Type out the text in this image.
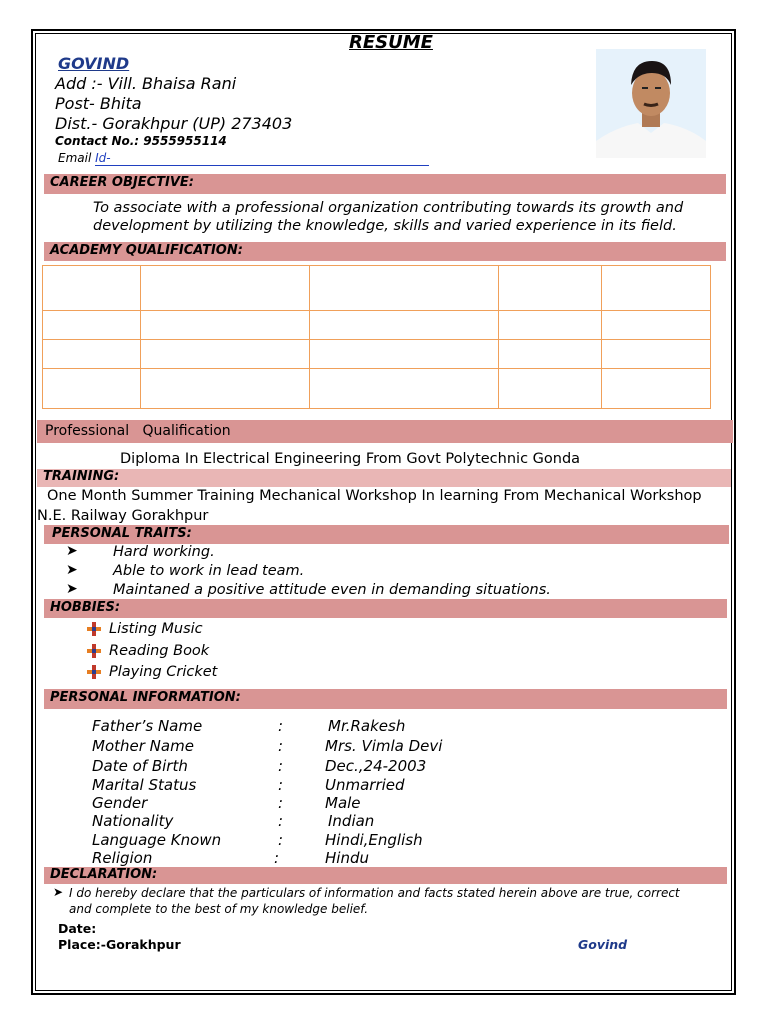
RESUME
GOVIND
Add :- Vill. Bhaisa Rani
Post- Bhita
Dist.- Gorakhpur (UP) 273403
Contact No.: 9555955114
Email Id-
CAREER OBJECTIVE:
To associate with a professional organization contributing towards its growth and
development by utilizing the knowledge, skills and varied experience in its field.
ACADEMY QUALIFICATION:

Professional   Qualification
Diploma In Electrical Engineering From Govt Polytechnic Gonda
TRAINING:
One Month Summer Training Mechanical Workshop In learning From Mechanical Workshop
N.E. Railway Gorakhpur
PERSONAL TRAITS:
➤ Hard working.
➤ Able to work in lead team.
➤ Maintaned a positive attitude even in demanding situations.
HOBBIES:
Listing Music
Reading Book
Playing Cricket
PERSONAL INFORMATION:
Father’s Name	:	Mr.Rakesh
Mother Name	:	Mrs. Vimla Devi
Date of Birth	:	Dec.,24-2003
Marital Status	:	Unmarried
Gender	:	Male
Nationality	:	Indian
Language Known	:	Hindi,English
Religion	:	Hindu
DECLARATION:
➤ I do hereby declare that the particulars of information and facts stated herein above are true, correct
and complete to the best of my knowledge belief.
Date:
Place:-Gorakhpur	Govind
